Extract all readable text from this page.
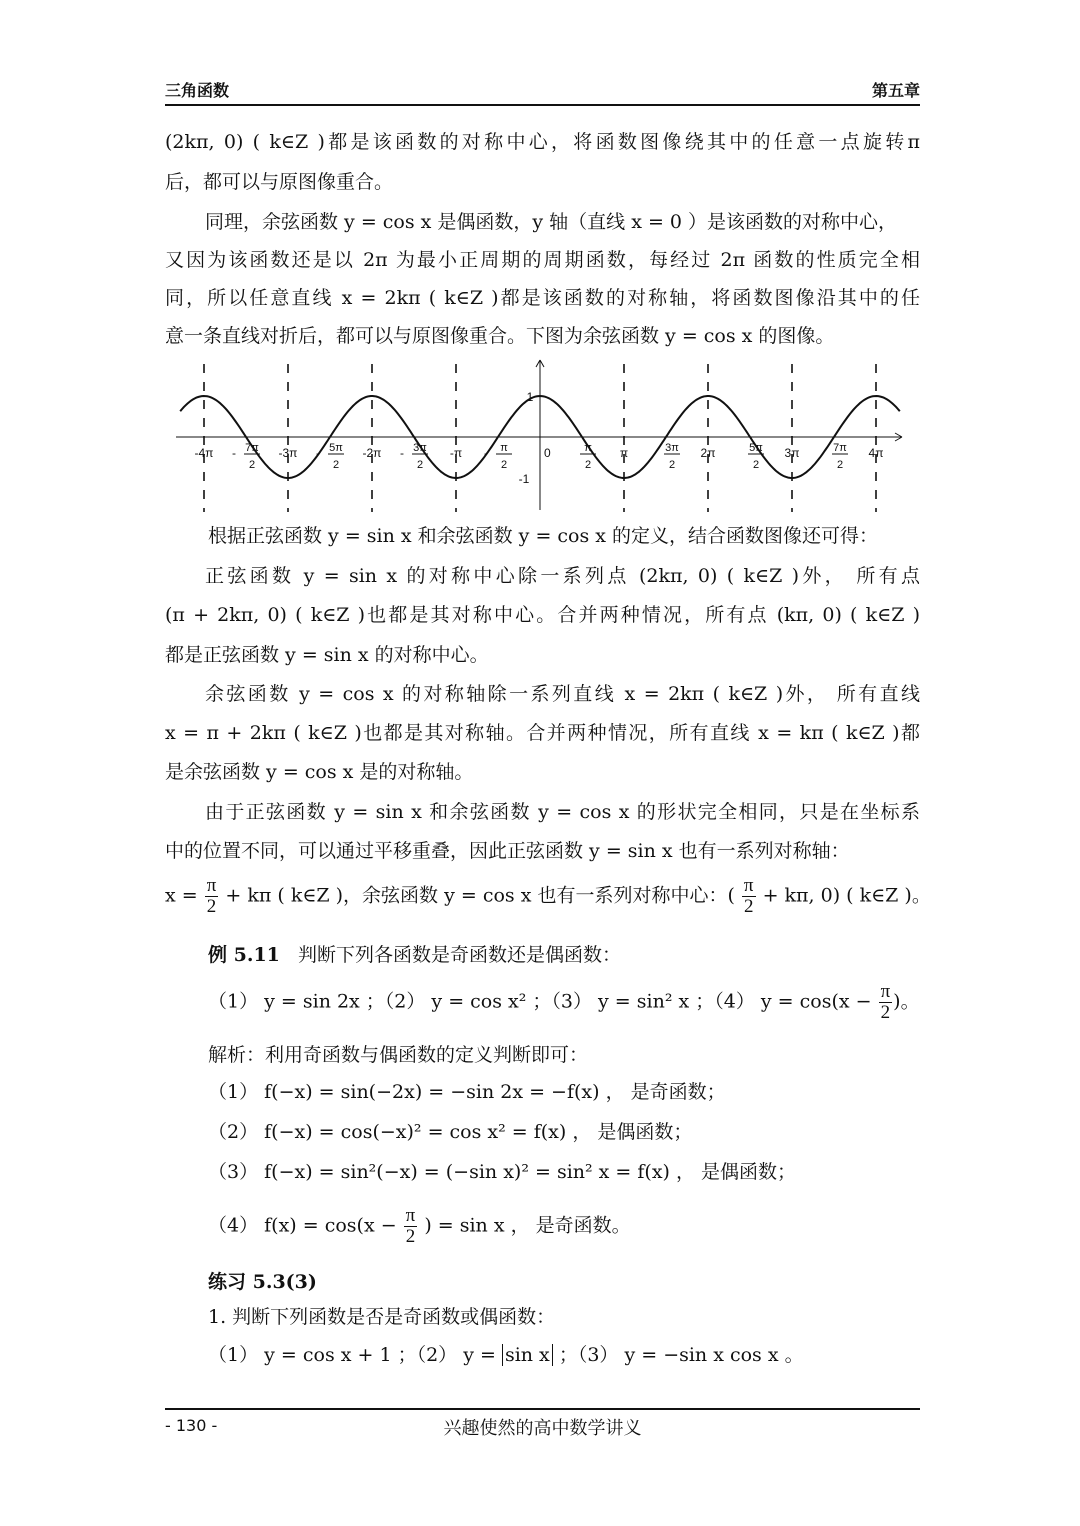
三角函数	第五章
(2kπ, 0) ( k∈Z )都是该函数的对称中心，将函数图像绕其中的任意一点旋转π
后，都可以与原图像重合。
同理，余弦函数 y = cos x 是偶函数，y 轴（直线 x = 0 ）是该函数的对称中心，
又因为该函数还是以 2π 为最小正周期的周期函数，每经过 2π 函数的性质完全相
同，所以任意直线 x = 2kπ ( k∈Z )都是该函数的对称轴，将函数图像沿其中的任
意一条直线对折后，都可以与原图像重合。下图为余弦函数 y = cos x 的图像。
-4π	7π
2
-	-3π	5π
2
-	-2π	3π
2
-	-π	π
2
-	0	π
2
π	3π
2
2π	5π
2
3π	7π
2
4π
1
-1
根据正弦函数 y = sin x 和余弦函数 y = cos x 的定义，结合函数图像还可得：
正弦函数 y = sin x 的对称中心除一系列点 (2kπ, 0) ( k∈Z )外， 所有点
(π + 2kπ, 0) ( k∈Z )也都是其对称中心。合并两种情况，所有点 (kπ, 0) ( k∈Z )
都是正弦函数 y = sin x 的对称中心。
余弦函数 y = cos x 的对称轴除一系列直线 x = 2kπ ( k∈Z )外， 所有直线
x = π + 2kπ ( k∈Z )也都是其对称轴。合并两种情况，所有直线 x = kπ ( k∈Z )都
是余弦函数 y = cos x 是的对称轴。
由于正弦函数 y = sin x 和余弦函数 y = cos x 的形状完全相同，只是在坐标系
中的位置不同，可以通过平移重叠，因此正弦函数 y = sin x 也有一系列对称轴：
$x = \frac{\pi}{2} + k\pi$ ( k∈Z )，余弦函数 y = cos x 也有一系列对称中心：( $\frac{\pi}{2} + k\pi$, 0) ( k∈Z )。
例 5.11 判断下列各函数是奇函数还是偶函数：
（1） y = sin 2x ；（2） y = cos x² ；（3） y = sin² x ；（4） $y = \cos(x - \frac{\pi}{2}$ )。
解析：利用奇函数与偶函数的定义判断即可：
（1） f(−x) = sin(−2x) = −sin 2x = −f(x) ， 是奇函数；
（2） f(−x) = cos(−x)² = cos x² = f(x) ， 是偶函数；
（3） f(−x) = sin²(−x) = (−sin x)² = sin² x = f(x) ， 是偶函数；
（4） $f(x) = \cos(x - \frac{\pi}{2}$ ) = sin x ， 是奇函数。
练习 5.3(3)
1. 判断下列函数是否是奇函数或偶函数：
（1） y = cos x + 1 ；（2） y = sin x ；（3） y = −sin x cos x 。
- 130 -	兴趣使然的高中数学讲义
